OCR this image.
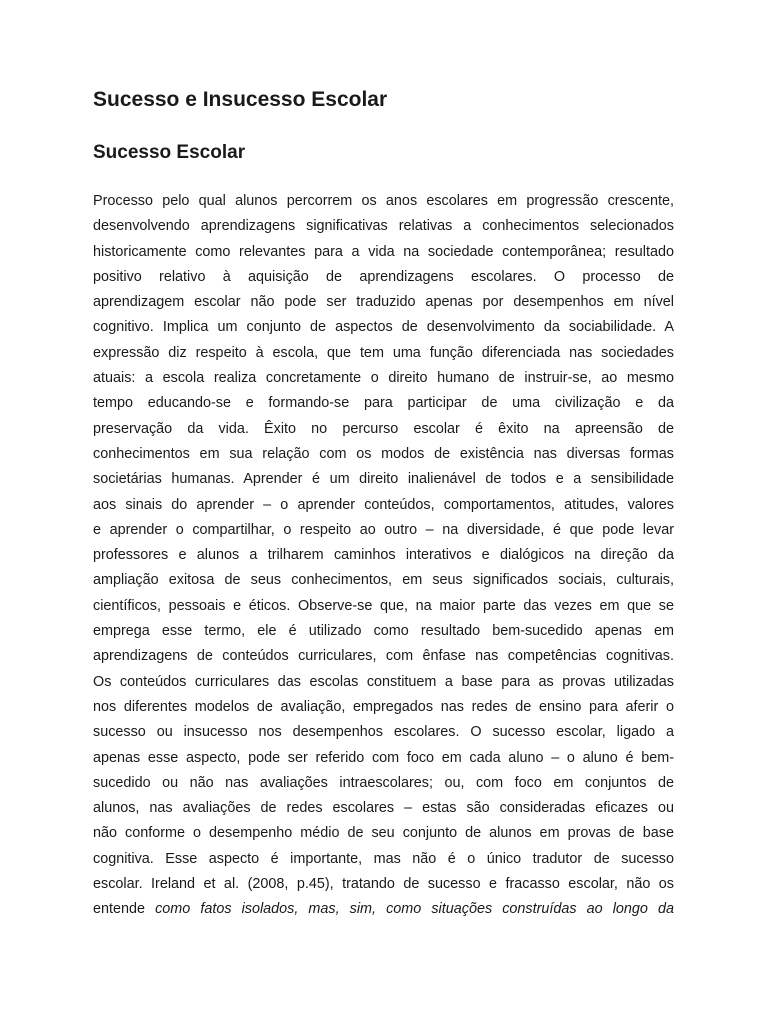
Sucesso e Insucesso Escolar
Sucesso Escolar
Processo pelo qual alunos percorrem os anos escolares em progressão crescente,
desenvolvendo aprendizagens significativas relativas a conhecimentos selecionados
historicamente como relevantes para a vida na sociedade contemporânea; resultado
positivo relativo à aquisição de aprendizagens escolares. O processo de
aprendizagem escolar não pode ser traduzido apenas por desempenhos em nível
cognitivo. Implica um conjunto de aspectos de desenvolvimento da sociabilidade. A
expressão diz respeito à escola, que tem uma função diferenciada nas sociedades
atuais: a escola realiza concretamente o direito humano de instruir-se, ao mesmo
tempo educando-se e formando-se para participar de uma civilização e da
preservação da vida. Êxito no percurso escolar é êxito na apreensão de
conhecimentos em sua relação com os modos de existência nas diversas formas
societárias humanas. Aprender é um direito inalienável de todos e a sensibilidade
aos sinais do aprender – o aprender conteúdos, comportamentos, atitudes, valores
e aprender o compartilhar, o respeito ao outro – na diversidade, é que pode levar
professores e alunos a trilharem caminhos interativos e dialógicos na direção da
ampliação exitosa de seus conhecimentos, em seus significados sociais, culturais,
científicos, pessoais e éticos. Observe-se que, na maior parte das vezes em que se
emprega esse termo, ele é utilizado como resultado bem-sucedido apenas em
aprendizagens de conteúdos curriculares, com ênfase nas competências cognitivas.
Os conteúdos curriculares das escolas constituem a base para as provas utilizadas
nos diferentes modelos de avaliação, empregados nas redes de ensino para aferir o
sucesso ou insucesso nos desempenhos escolares. O sucesso escolar, ligado a
apenas esse aspecto, pode ser referido com foco em cada aluno – o aluno é bem-
sucedido ou não nas avaliações intraescolares; ou, com foco em conjuntos de
alunos, nas avaliações de redes escolares – estas são consideradas eficazes ou
não conforme o desempenho médio de seu conjunto de alunos em provas de base
cognitiva. Esse aspecto é importante, mas não é o único tradutor de sucesso
escolar. Ireland et al. (2008, p.45), tratando de sucesso e fracasso escolar, não os
entende como fatos isolados, mas, sim, como situações construídas ao longo da
